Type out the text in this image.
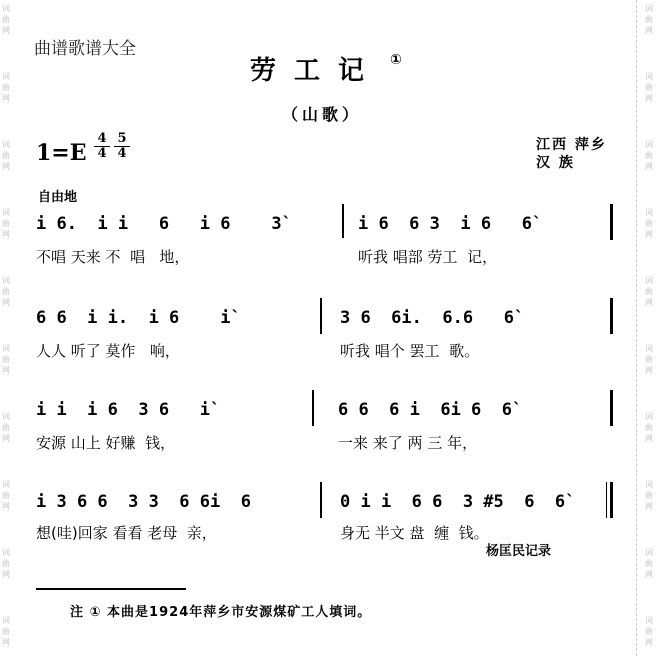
词
曲
网
词
曲
网
词
曲
网
词
曲
网
词
曲
网
词
曲
网
词
曲
网
词
曲
网
词
曲
网
词
曲
网
词
曲
网
词
曲
网
词
曲
网
词
曲
网
词
曲
网
词
曲
网
词
曲
网
词
曲
网
词
曲
网
词
曲
网
曲谱歌谱大全
劳工记 ①
（山歌）
$1=E \frac{4}{4} \frac{5}{4}$	江西 萍乡
汉 族
自由地
i 6.  i i   6   i 6    3`	i 6  6 3  i 6   6`
不唱 天来 不  唱   地，	听我 唱部 劳工  记，
6 6  i i.  i 6    i`	3 6  6i.  6.6   6`
人人 听了 莫作   响，	听我 唱个 罢工  歌。
i i  i 6  3 6   i`	6 6  6 i  6i 6  6`
安源 山上 好赚  钱，	一来 来了 两 三 年，
i 3 6 6  3 3  6 6i  6	0 i i  6 6  3 #5  6  6`
想(哇)回家 看看 老母  亲，	身无 半文 盘  缠  钱。
杨匡民记录
注 ① 本曲是1924年萍乡市安源煤矿工人填词。
